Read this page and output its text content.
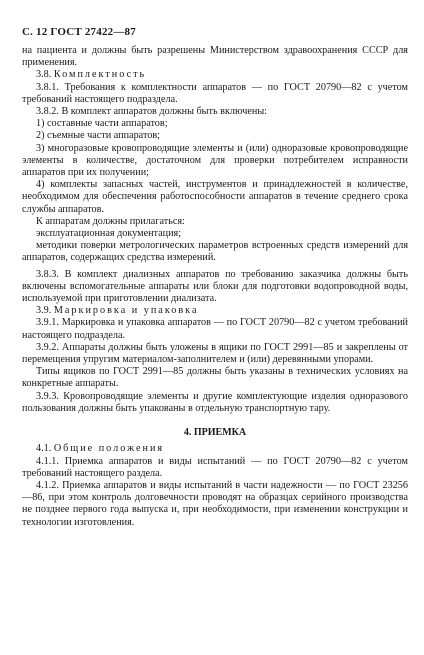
С. 12 ГОСТ 27422—87

на пациента и должны быть разрешены Министерством здравоохранения СССР для применения.

3.8. Комплектность

3.8.1. Требования к комплектности аппаратов — по ГОСТ 20790—82 с учетом требований настоящего подраздела.

3.8.2. В комплект аппаратов должны быть включены:

1) составные части аппаратов;

2) съемные части аппаратов;

3) многоразовые кровопроводящие элементы и (или) одноразовые кровопроводящие элементы в количестве, достаточном для проверки потребителем исправности аппаратов при их получении;

4) комплекты запасных частей, инструментов и принадлежностей в количестве, необходимом для обеспечения работоспособности аппаратов в течение среднего срока службы аппаратов.

К аппаратам должны прилагаться:

эксплуатационная документация;

методики поверки метрологических параметров встроенных средств измерений для аппаратов, содержащих средства измерений.

3.8.3. В комплект диализных аппаратов по требованию заказчика должны быть включены вспомогательные аппараты или блоки для подготовки водопроводной воды, используемой при приготовлении диализата.

3.9. Маркировка и упаковка

3.9.1. Маркировка и упаковка аппаратов — по ГОСТ 20790—82 с учетом требований настоящего подраздела.

3.9.2. Аппараты должны быть уложены в ящики по ГОСТ 2991—85 и закреплены от перемещения упругим материалом-заполнителем и (или) деревянными упорами.

Типы ящиков по ГОСТ 2991—85 должны быть указаны в технических условиях на конкретные аппараты.

3.9.3. Кровопроводящие элементы и другие комплектующие изделия одноразового пользования должны быть упакованы в отдельную транспортную тару.

4. ПРИЕМКА

4.1. Общие положения

4.1.1. Приемка аппаратов и виды испытаний — по ГОСТ 20790—82 с учетом требований настоящего раздела.

4.1.2. Приемка аппаратов и виды испытаний в части надежности — по ГОСТ 23256—86, при этом контроль долговечности проводят на образцах серийного производства не позднее первого года выпуска и, при необходимости, при изменении конструкции и технологии изготовления.
